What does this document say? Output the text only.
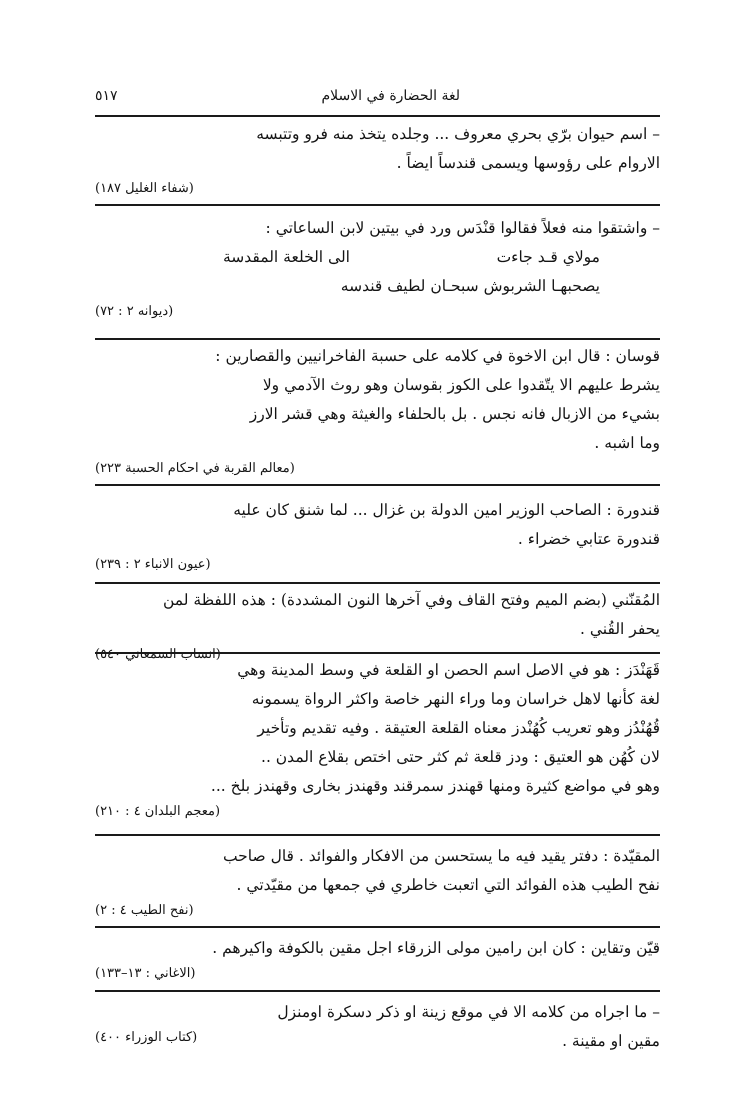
لغة الحضارة في الاسلام
٥١٧
– اسم حيوان برّي بحري معروف ... وجلده يتخذ منه فرو وتتبسه
الاروام على رؤوسها ويسمى قندساً ايضاً .
(شفاء الغليل ١٨٧)
– واشتقوا منه فعلاً فقالوا قنْدَس ورد في بيتين لابن الساعاتي :
مولاي قـد جاءت
الى الخلعة المقدسة
يصحبهـا الشربوش سبحـان لطيف قندسه
(ديوانه ٢ : ٧٢)
قوسان : قال ابن الاخوة في كلامه على حسبة الفاخرانيين والقصارين :
يشرط عليهم الا يتّقدوا على الكوز بقوسان وهو روث الآدمي ولا
بشيء من الازبال فانه نجس . بل بالحلفاء والغيثة وهي قشر الارز
وما اشبه .
(معالم القربة في احكام الحسبة ٢٢٣)
قندورة : الصاحب الوزير امين الدولة بن غزال ... لما شنق كان عليه
قندورة عتابي خضراء .
(عيون الانباء ٢ : ٢٣٩)
المُقنّني (بضم الميم وفتح القاف وفي آخرها النون المشددة) : هذه اللفظة لمن
يحفر القُني .
(انساب السمعاني ٥٤٠)
قَهَنْدَز : هو في الاصل اسم الحصن او القلعة في وسط المدينة وهي
لغة كأنها لاهل خراسان وما وراء النهر خاصة واكثر الرواة يسمونه
قُهُنْدُز وهو تعريب كُهُنْدز معناه القلعة العتيقة . وفيه تقديم وتأخير
لان كُهُن هو العتيق : ودز قلعة ثم كثر حتى اختص بقلاع المدن ..
وهو في مواضع كثيرة ومنها قهندز سمرقند وقهندز بخارى وقهندز بلخ ...
(معجم البلدان ٤ : ٢١٠)
المقيّدة : دفتر يقيد فيه ما يستحسن من الافكار والفوائد . قال صاحب
نفح الطيب هذه الفوائد التي اتعبت خاطري في جمعها من مقيّدتي .
(نفح الطيب ٤ : ٢)
قيّن وتقاين : كان ابن رامين مولى الزرقاء اجل مقين بالكوفة واكيرهم .
(الاغاني : ١٣–١٣٣)
– ما اجراه من كلامه الا في موقع زينة او ذكر دسكرة اومنزل
مقين او مقينة .
(كتاب الوزراء ٤٠٠)
